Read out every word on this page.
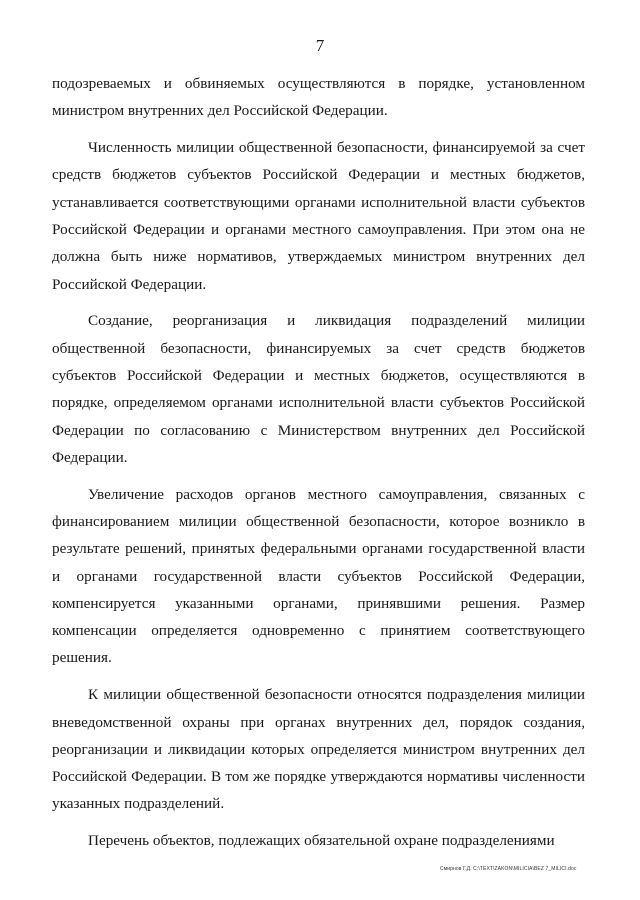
7

подозреваемых и обвиняемых осуществляются в порядке, установленном министром внутренних дел Российской Федерации.

Численность милиции общественной безопасности, финансируемой за счет средств бюджетов субъектов Российской Федерации и местных бюджетов, устанавливается соответствующими органами исполнительной власти субъектов Российской Федерации и органами местного самоуправления. При этом она не должна быть ниже нормативов, утверждаемых министром внутренних дел Российской Федерации.

Создание, реорганизация и ликвидация подразделений милиции общественной безопасности, финансируемых за счет средств бюджетов субъектов Российской Федерации и местных бюджетов, осуществляются в порядке, определяемом органами исполнительной власти субъектов Российской Федерации по согласованию с Министерством внутренних дел Российской Федерации.

Увеличение расходов органов местного самоуправления, связанных с финансированием милиции общественной безопасности, которое возникло в результате решений, принятых федеральными органами государственной власти и органами государственной власти субъектов Российской Федерации, компенсируется указанными органами, принявшими решения. Размер компенсации определяется одновременно с принятием соответствующего решения.

К милиции общественной безопасности относятся подразделения милиции вневедомственной охраны при органах внутренних дел, порядок создания, реорганизации и ликвидации которых определяется министром внутренних дел Российской Федерации. В том же порядке утверждаются нормативы численности указанных подразделений.

Перечень объектов, подлежащих обязательной охране подразделениями

Смирнов Г.Д. C:\TEXT\ZAKON\MILICIA\BEZ 7_MILICI.doc
